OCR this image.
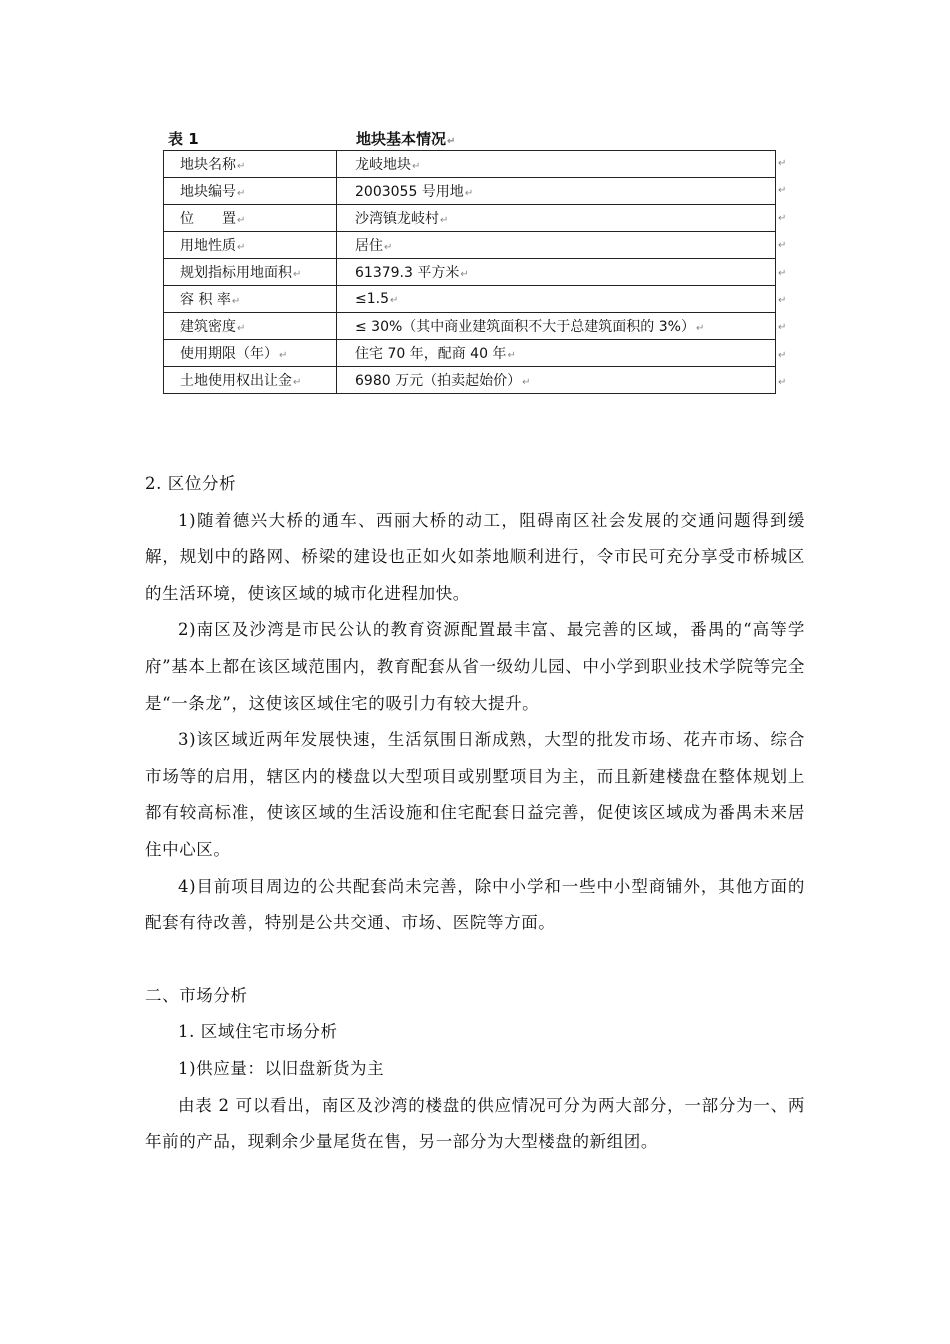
表 1	地块基本情况↵
地块名称↵	龙岐地块↵
地块编号↵	2003055 号用地↵
位　　置↵	沙湾镇龙岐村↵
用地性质↵	居住↵
规划指标用地面积↵	61379.3 平方米↵
容 积 率↵	≤1.5↵
建筑密度↵	≤ 30%（其中商业建筑面积不大于总建筑面积的 3%）↵
使用期限（年）↵	住宅 70 年，配商 40 年↵
土地使用权出让金↵	6980 万元（拍卖起始价）↵
↵
↵
↵
↵
↵
↵
↵
↵
↵

2. 区位分析

1)随着德兴大桥的通车、西丽大桥的动工，阻碍南区社会发展的交通问题得到缓解，规划中的路网、桥梁的建设也正如火如荼地顺利进行，令市民可充分享受市桥城区的生活环境，使该区域的城市化进程加快。

2)南区及沙湾是市民公认的教育资源配置最丰富、最完善的区域，番禺的“高等学府”基本上都在该区域范围内，教育配套从省一级幼儿园、中小学到职业技术学院等完全是“一条龙”，这使该区域住宅的吸引力有较大提升。

3)该区域近两年发展快速，生活氛围日渐成熟，大型的批发市场、花卉市场、综合市场等的启用，辖区内的楼盘以大型项目或别墅项目为主，而且新建楼盘在整体规划上都有较高标准，使该区域的生活设施和住宅配套日益完善，促使该区域成为番禺未来居住中心区。

4)目前项目周边的公共配套尚未完善，除中小学和一些中小型商铺外，其他方面的配套有待改善，特别是公共交通、市场、医院等方面。

二、市场分析

1. 区域住宅市场分析

1)供应量：以旧盘新货为主

由表 2 可以看出，南区及沙湾的楼盘的供应情况可分为两大部分，一部分为一、两年前的产品，现剩余少量尾货在售，另一部分为大型楼盘的新组团。
